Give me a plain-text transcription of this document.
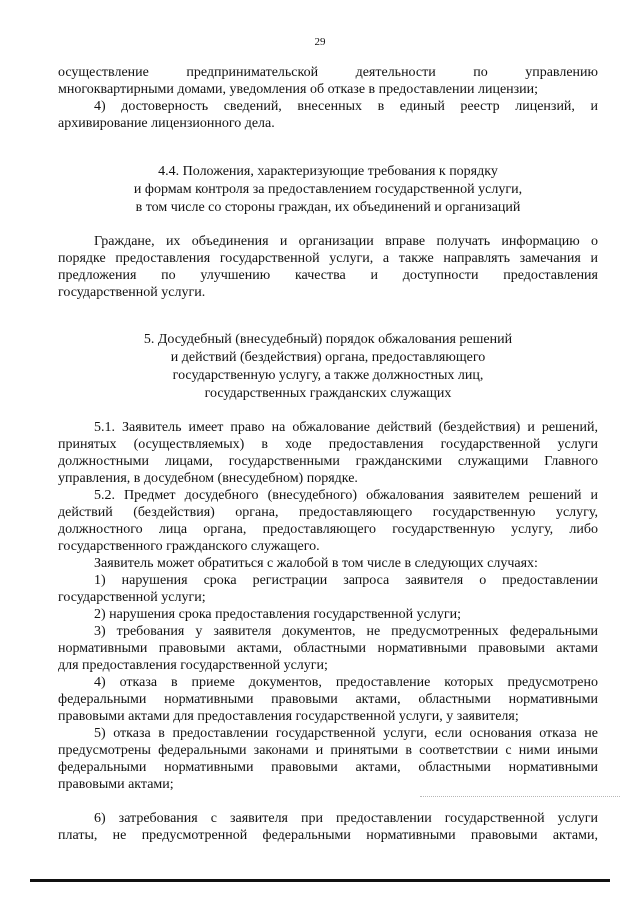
29
осуществление предпринимательской деятельности по управлению
многоквартирными домами, уведомления об отказе в предоставлении лицензии;
4) достоверность сведений, внесенных в единый реестр лицензий, и
архивирование лицензионного дела.
4.4. Положения, характеризующие требования к порядку
и формам контроля за предоставлением государственной услуги,
в том числе со стороны граждан, их объединений и организаций
Граждане, их объединения и организации вправе получать информацию о
порядке предоставления государственной услуги, а также направлять замечания и
предложения по улучшению качества и доступности предоставления
государственной услуги.
5. Досудебный (внесудебный) порядок обжалования решений
и действий (бездействия) органа, предоставляющего
государственную услугу, а также должностных лиц,
государственных гражданских служащих
5.1. Заявитель имеет право на обжалование действий (бездействия) и решений,
принятых (осуществляемых) в ходе предоставления государственной услуги
должностными лицами, государственными гражданскими служащими Главного
управления, в досудебном (внесудебном) порядке.
5.2. Предмет досудебного (внесудебного) обжалования заявителем решений и
действий (бездействия) органа, предоставляющего государственную услугу,
должностного лица органа, предоставляющего государственную услугу, либо
государственного гражданского служащего.
Заявитель может обратиться с жалобой в том числе в следующих случаях:
1) нарушения срока регистрации запроса заявителя о предоставлении
государственной услуги;
2) нарушения срока предоставления государственной услуги;
3) требования у заявителя документов, не предусмотренных федеральными
нормативными правовыми актами, областными нормативными правовыми актами
для предоставления государственной услуги;
4) отказа в приеме документов, предоставление которых предусмотрено
федеральными нормативными правовыми актами, областными нормативными
правовыми актами для предоставления государственной услуги, у заявителя;
5) отказа в предоставлении государственной услуги, если основания отказа не
предусмотрены федеральными законами и принятыми в соответствии с ними иными
федеральными нормативными правовыми актами, областными нормативными
правовыми актами;
6) затребования с заявителя при предоставлении государственной услуги
платы, не предусмотренной федеральными нормативными правовыми актами,
